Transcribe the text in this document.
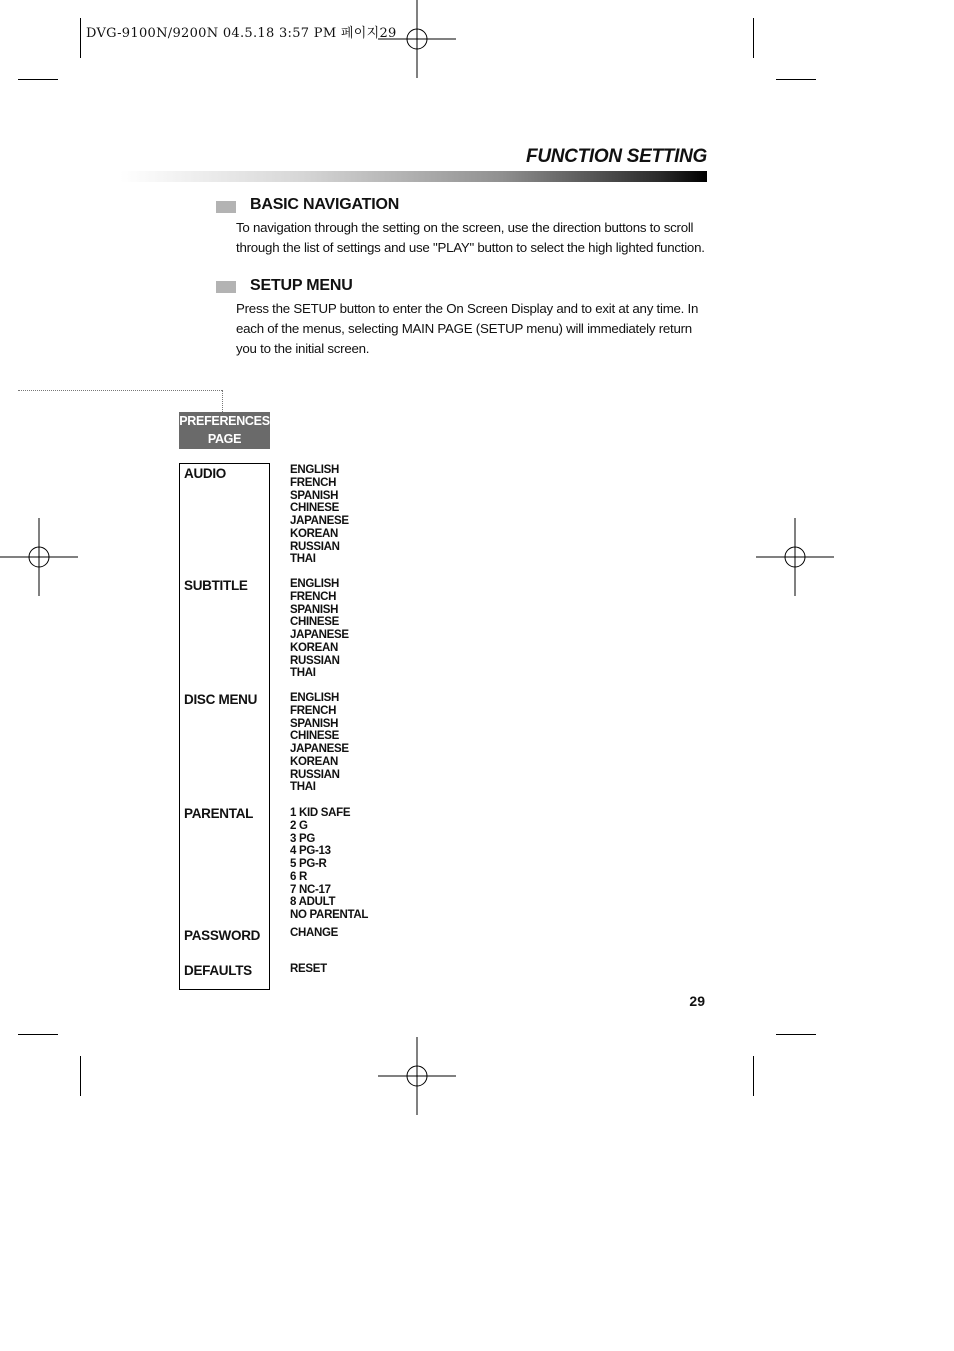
DVG-9100N/9200N 04.5.18 3:57 PM 페이지29
FUNCTION SETTING
BASIC NAVIGATION
To navigation through the setting on the screen, use the direction buttons to scroll
through the list of settings and use "PLAY" button to select the high lighted function.
SETUP MENU
Press the SETUP button to enter the On Screen Display and to exit at any time. In
each of the menus, selecting MAIN PAGE (SETUP menu) will immediately return
you to the initial screen.
PREFERENCES
PAGE
AUDIO
SUBTITLE
DISC MENU
PARENTAL
PASSWORD
DEFAULTS
ENGLISH
FRENCH
SPANISH
CHINESE
JAPANESE
KOREAN
RUSSIAN
THAI
ENGLISH
FRENCH
SPANISH
CHINESE
JAPANESE
KOREAN
RUSSIAN
THAI
ENGLISH
FRENCH
SPANISH
CHINESE
JAPANESE
KOREAN
RUSSIAN
THAI
1 KID SAFE
2 G
3 PG
4 PG-13
5 PG-R
6 R
7 NC-17
8 ADULT
NO PARENTAL
CHANGE
RESET
29
